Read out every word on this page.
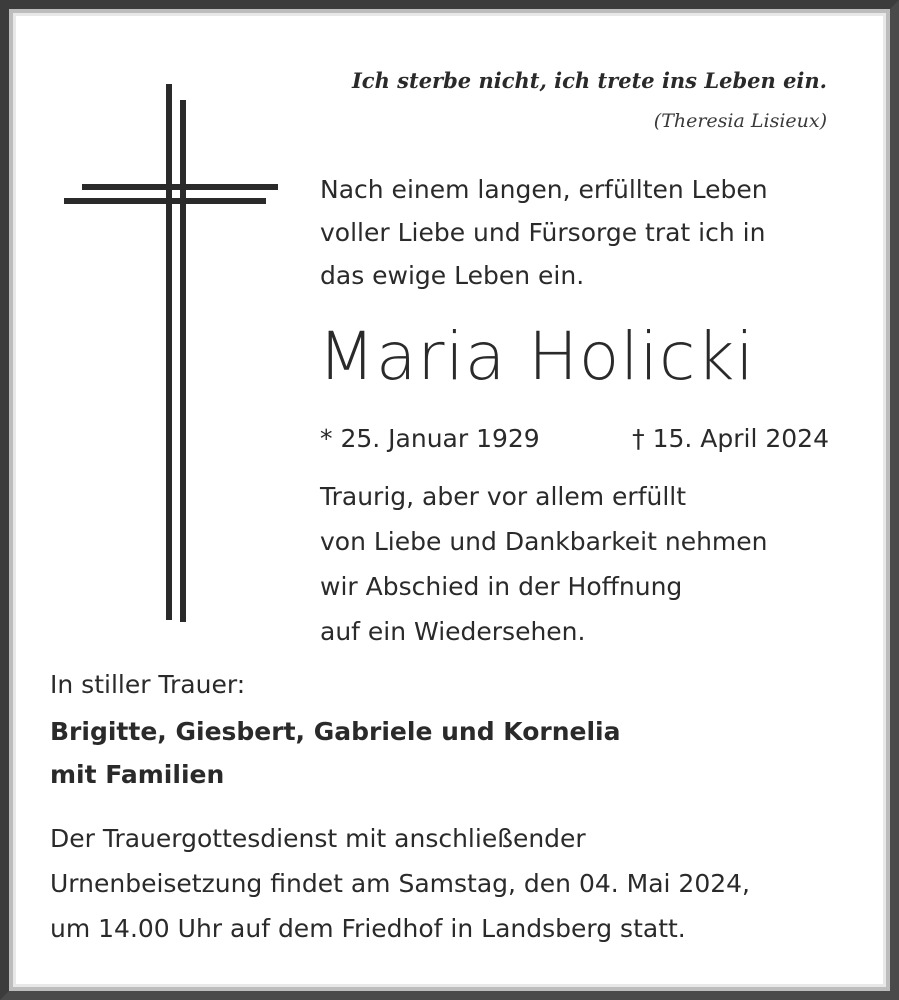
Ich sterbe nicht, ich trete ins Leben ein.
(Theresia Lisieux)
Nach einem langen, erfüllten Leben
voller Liebe und Fürsorge trat ich in
das ewige Leben ein.
Maria Holicki
* 25. Januar 1929	† 15. April 2024
Traurig, aber vor allem erfüllt
von Liebe und Dankbarkeit nehmen
wir Abschied in der Hoffnung
auf ein Wiedersehen.
In stiller Trauer:
Brigitte, Giesbert, Gabriele und Kornelia
mit Familien
Der Trauergottesdienst mit anschließender
Urnenbeisetzung findet am Samstag, den 04. Mai 2024,
um 14.00 Uhr auf dem Friedhof in Landsberg statt.
